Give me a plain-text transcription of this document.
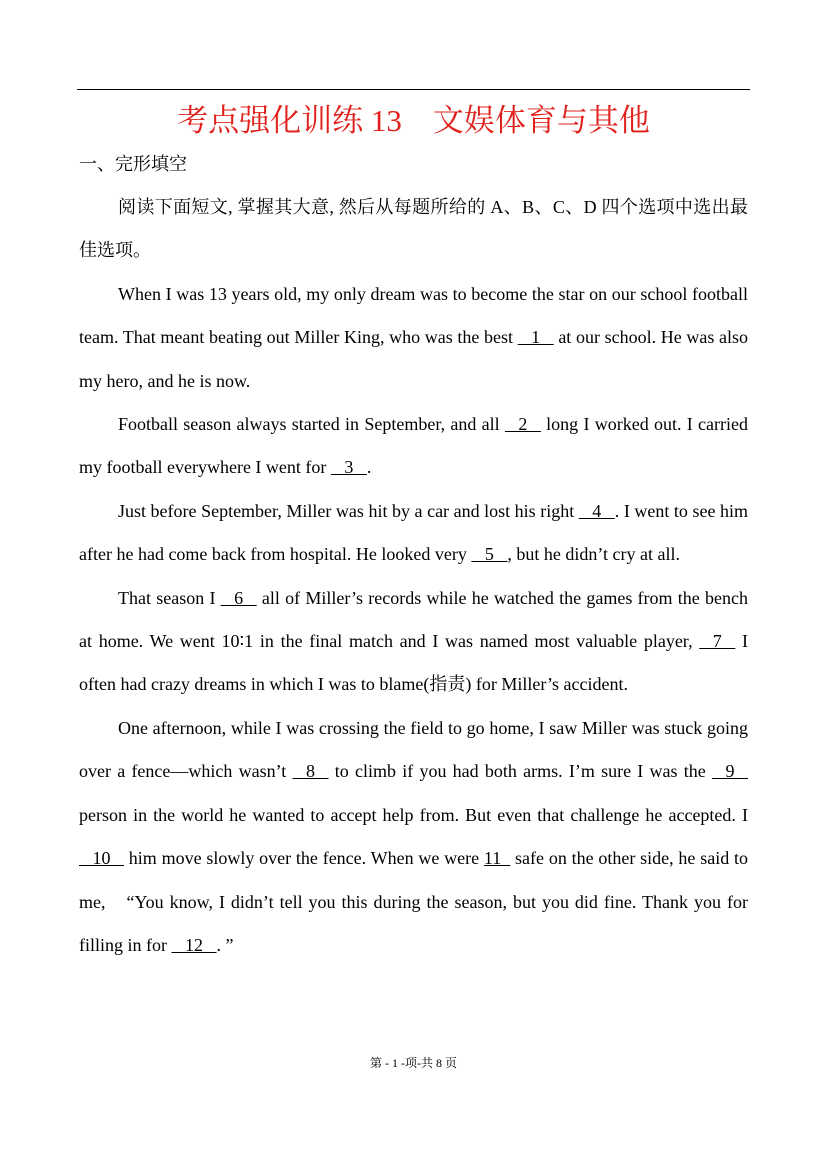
考点强化训练 13    文娱体育与其他
一、完形填空

阅读下面短文, 掌握其大意, 然后从每题所给的 A、B、C、D 四个选项中选出最佳选项。

When I was 13 years old, my only dream was to become the star on our school football team. That meant beating out Miller King, who was the best    1    at our school. He was also my hero, and he is now.

Football season always started in September, and all    2    long I worked out. I carried my football everywhere I went for    3   .

Just before September, Miller was hit by a car and lost his right    4   . I went to see him after he had come back from hospital. He looked very    5   , but he didn’t cry at all.

That season I    6    all of Miller’s records while he watched the games from the bench at home. We went 10∶1 in the final match and I was named most valuable player,    7    I often had crazy dreams in which I was to blame(指责) for Miller’s accident.

One afternoon, while I was crossing the field to go home, I saw Miller was stuck going over a fence—which wasn’t    8    to climb if you had both arms. I’m sure I was the    9    person in the world he wanted to accept help from. But even that challenge he accepted. I    10    him move slowly over the fence. When we were 11   safe on the other side, he said to me,　“You know, I didn’t tell you this during the season, but you did fine. Thank you for filling in for    12   . ”

第 - 1 -项-共 8 页
